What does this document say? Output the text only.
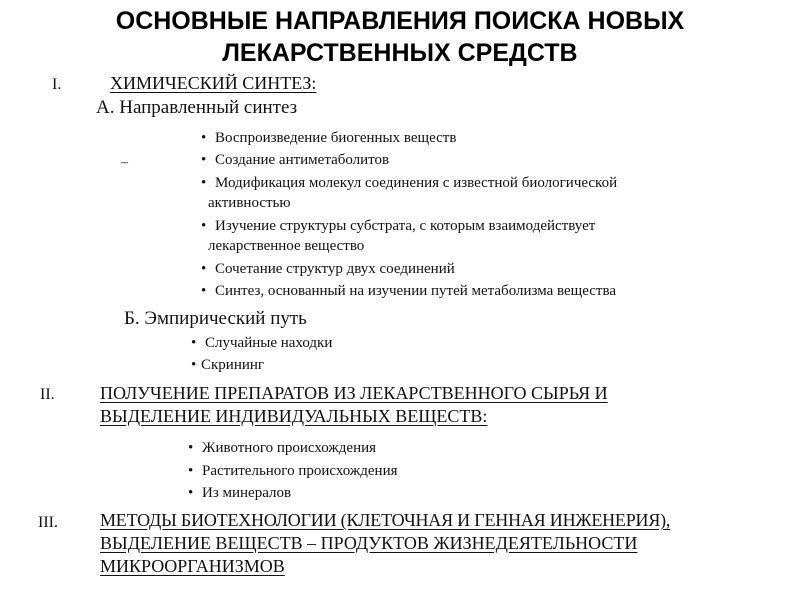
ОСНОВНЫЕ НАПРАВЛЕНИЯ ПОИСКА НОВЫХ
ЛЕКАРСТВЕННЫХ СРЕДСТВ
I.	ХИМИЧЕСКИЙ СИНТЕЗ:
А. Направленный синтез
–
• Воспроизведение биогенных веществ
• Создание антиметаболитов
• Модификация молекул соединения с известной биологической
активностью
• Изучение структуры субстрата, с которым взаимодействует
лекарственное вещество
• Сочетание структур двух соединений
• Синтез, основанный на изучении путей метаболизма вещества
Б. Эмпирический путь
• Случайные находки
• Скрининг
II.	ПОЛУЧЕНИЕ ПРЕПАРАТОВ ИЗ ЛЕКАРСТВЕННОГО СЫРЬЯ И
ВЫДЕЛЕНИЕ ИНДИВИДУАЛЬНЫХ ВЕЩЕСТВ:
• Животного происхождения
• Растительного происхождения
• Из минералов
III. МЕТОДЫ БИОТЕХНОЛОГИИ (КЛЕТОЧНАЯ И ГЕННАЯ ИНЖЕНЕРИЯ),
ВЫДЕЛЕНИЕ ВЕЩЕСТВ – ПРОДУКТОВ ЖИЗНЕДЕЯТЕЛЬНОСТИ
МИКРООРГАНИЗМОВ
